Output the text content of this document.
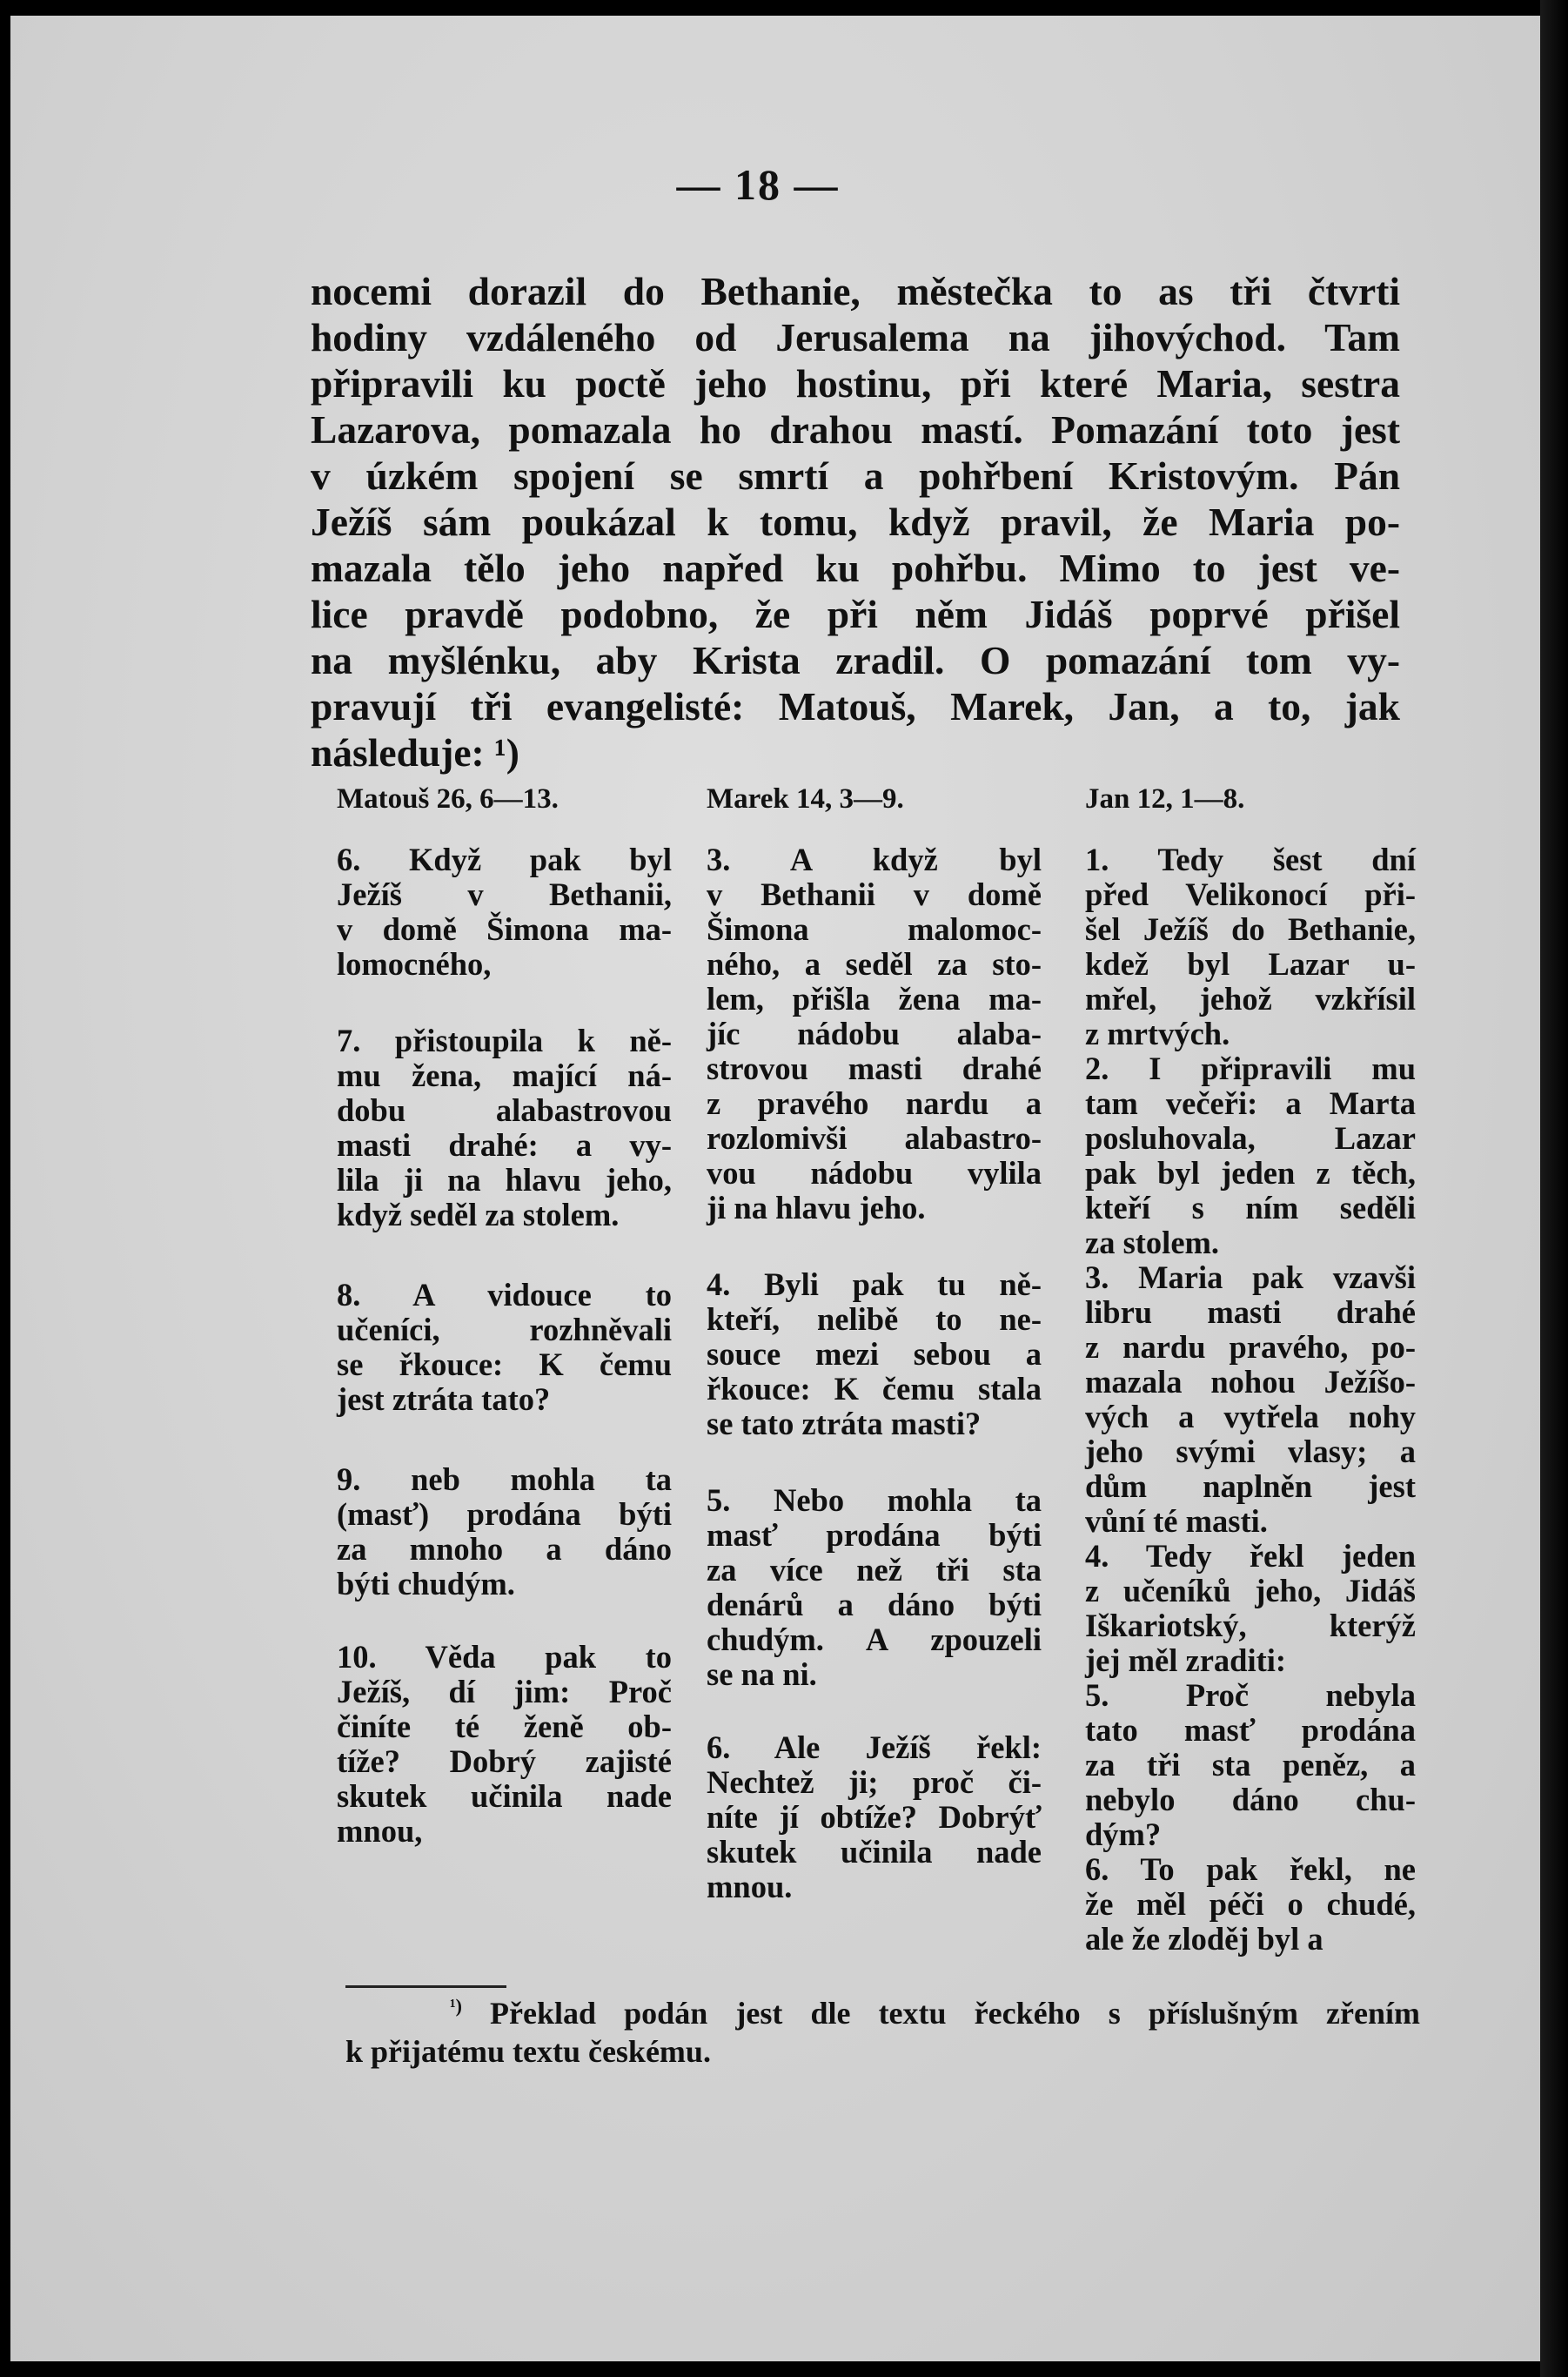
— 18 —
nocemi dorazil do Bethanie, městečka to as tři čtvrti
hodiny vzdáleného od Jerusalema na jihovýchod. Tam
připravili ku poctě jeho hostinu, při které Maria, sestra
Lazarova, pomazala ho drahou mastí. Pomazání toto jest
v úzkém spojení se smrtí a pohřbení Kristovým. Pán
Ježíš sám poukázal k tomu, když pravil, že Maria po-
mazala tělo jeho napřed ku pohřbu. Mimo to jest ve-
lice pravdě podobno, že při něm Jidáš poprvé přišel
na myšlénku, aby Krista zradil. O pomazání tom vy-
pravují tři evangelisté: Matouš, Marek, Jan, a to, jak
následuje: ¹)
Matouš 26, 6—13.
6. Když pak byl
Ježíš v Bethanii,
v domě Šimona ma-
lomocného,
7. přistoupila k ně-
mu žena, mající ná-
dobu alabastrovou
masti drahé: a vy-
lila ji na hlavu jeho,
když seděl za stolem.
8. A vidouce to
učeníci, rozhněvali
se řkouce: K čemu
jest ztráta tato?
9. neb mohla ta
(masť) prodána býti
za mnoho a dáno
býti chudým.
10. Věda pak to
Ježíš, dí jim: Proč
činíte té ženě ob-
tíže? Dobrý zajisté
skutek učinila nade
mnou,
Marek 14, 3—9.
3. A když byl
v Bethanii v domě
Šimona malomoc-
ného, a seděl za sto-
lem, přišla žena ma-
jíc nádobu alaba-
strovou masti drahé
z pravého nardu a
rozlomivši alabastro-
vou nádobu vylila
ji na hlavu jeho.
4. Byli pak tu ně-
kteří, nelibě to ne-
souce mezi sebou a
řkouce: K čemu stala
se tato ztráta masti?
5. Nebo mohla ta
masť prodána býti
za více než tři sta
denárů a dáno býti
chudým. A zpouzeli
se na ni.
6. Ale Ježíš řekl:
Nechtež ji; proč či-
níte jí obtíže? Dobrýť
skutek učinila nade
mnou.
Jan 12, 1—8.
1. Tedy šest dní
před Velikonocí při-
šel Ježíš do Bethanie,
kdež byl Lazar u-
mřel, jehož vzkřísil
z mrtvých.
2. I připravili mu
tam večeři: a Marta
posluhovala, Lazar
pak byl jeden z těch,
kteří s ním seděli
za stolem.
3. Maria pak vzavši
libru masti drahé
z nardu pravého, po-
mazala nohou Ježíšo-
vých a vytřela nohy
jeho svými vlasy; a
dům naplněn jest
vůní té masti.
4. Tedy řekl jeden
z učeníků jeho, Jidáš
Iškariotský, kterýž
jej měl zraditi:
5. Proč nebyla
tato masť prodána
za tři sta peněz, a
nebylo dáno chu-
dým?
6. To pak řekl, ne
že měl péči o chudé,
ale že zloděj byl a
$^{^1)}$ Překlad podán jest dle textu řeckého s příslušným zřením
k přijatému textu českému.
